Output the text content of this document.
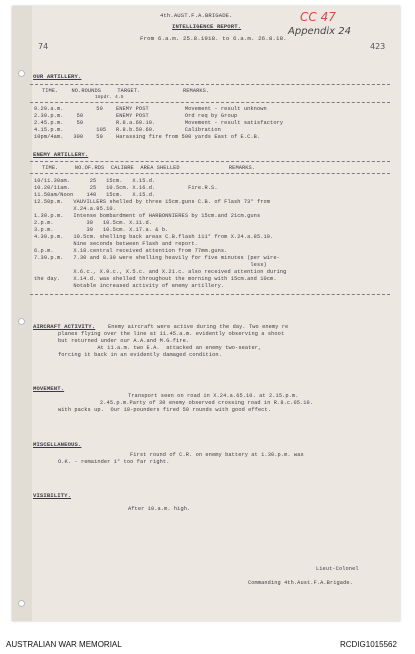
4th.AUST.F.A.BRIGADE.
INTELLIGENCE REPORT.
From 6.a.m. 25.8.1918. to 6.a.m. 26.8.18.
74	423
CC 47
Appendix 24
OUR ARTILLERY.
TIME.    NO.ROUNDS     TARGET.             REMARKS.
18pdr. 4.5
9.20.a.m.          50    ENEMY POST           Movement - result unknown
2.30.p.m.    50          ENEMY POST           Ord req by Group
2.45.p.m.    50          R.8.a.60.10.         Movement - result satisfactory
4.15.p.m.          105   R.8.b.50.60.         Calibration
10pm/4am.   300    50    Harassing fire from 500 yards East of E.C.B.
ENEMY ARTILLERY.
TIME.     NO.OF.RDS  CALIBRE  AREA SHELLED               REMARKS.
10/11.30am.      25   15cm.   X.15.d.
10.20/11am.      25   10.5cm. X.16.d.          Fire.R.S.
11.50am/Noon    140   15cm.   X.15.d.
12.50p.m.   VAUVILLERS shelled by three 15cm.guns C.B. of Flash 73° from
X.24.a.85.10.
1.30.p.m.   Intense bombardment of HARBONNIERES by 15cm.and 21cm.guns
2.p.m.          30   10.5cm. X.11.d.
3.p.m.          30   10.5cm. X.17.a. & b.
4.30.p.m.   10.5cm. shelling back areas C.B.flash 111° from X.24.a.85.10.
Nine seconds between Flash and report.
6.p.m.      X.18.central received attention from 77mm.guns.
7.30.p.m.   7.30 and 8.30 were shelling heavily for five minutes (per wire-
less)
X.6.c., X.9.c., X.5.c. and X.21.c. also received attention during
the day.    X.14.d. was shelled throughout the morning with 15cm.and 10cm.
Notable increased activity of enemy artillery.
AIRCRAFT ACTIVITY. Enemy aircraft were active during the day. Two enemy re
planes flying over the line at 11.45.a.m. evidently observing a shoot
but returned under our A.A.and M.G.fire.
At 11.a.m. two E.A.  attacked an enemy two-seater,
forcing it back in an evidently damaged condition.
MOVEMENT.
Transport seen on road in X.24.a.65.10. at 2.15.p.m.
2.45.p.m.Party of 30 enemy observed crossing road in R.8.c.05.10.
with packs up.  Our 18-pounders fired 50 rounds with good effect.
MISCELLANEOUS.
First round of C.R. on enemy battery at 1.30.p.m. was
O.K. - remainder 1° too far right.
VISIBILITY.
After 10.a.m. high.
Lieut-Colonel
Commanding 4th.Aust.F.A.Brigade.
AUSTRALIAN WAR MEMORIAL	RCDIG1015562
